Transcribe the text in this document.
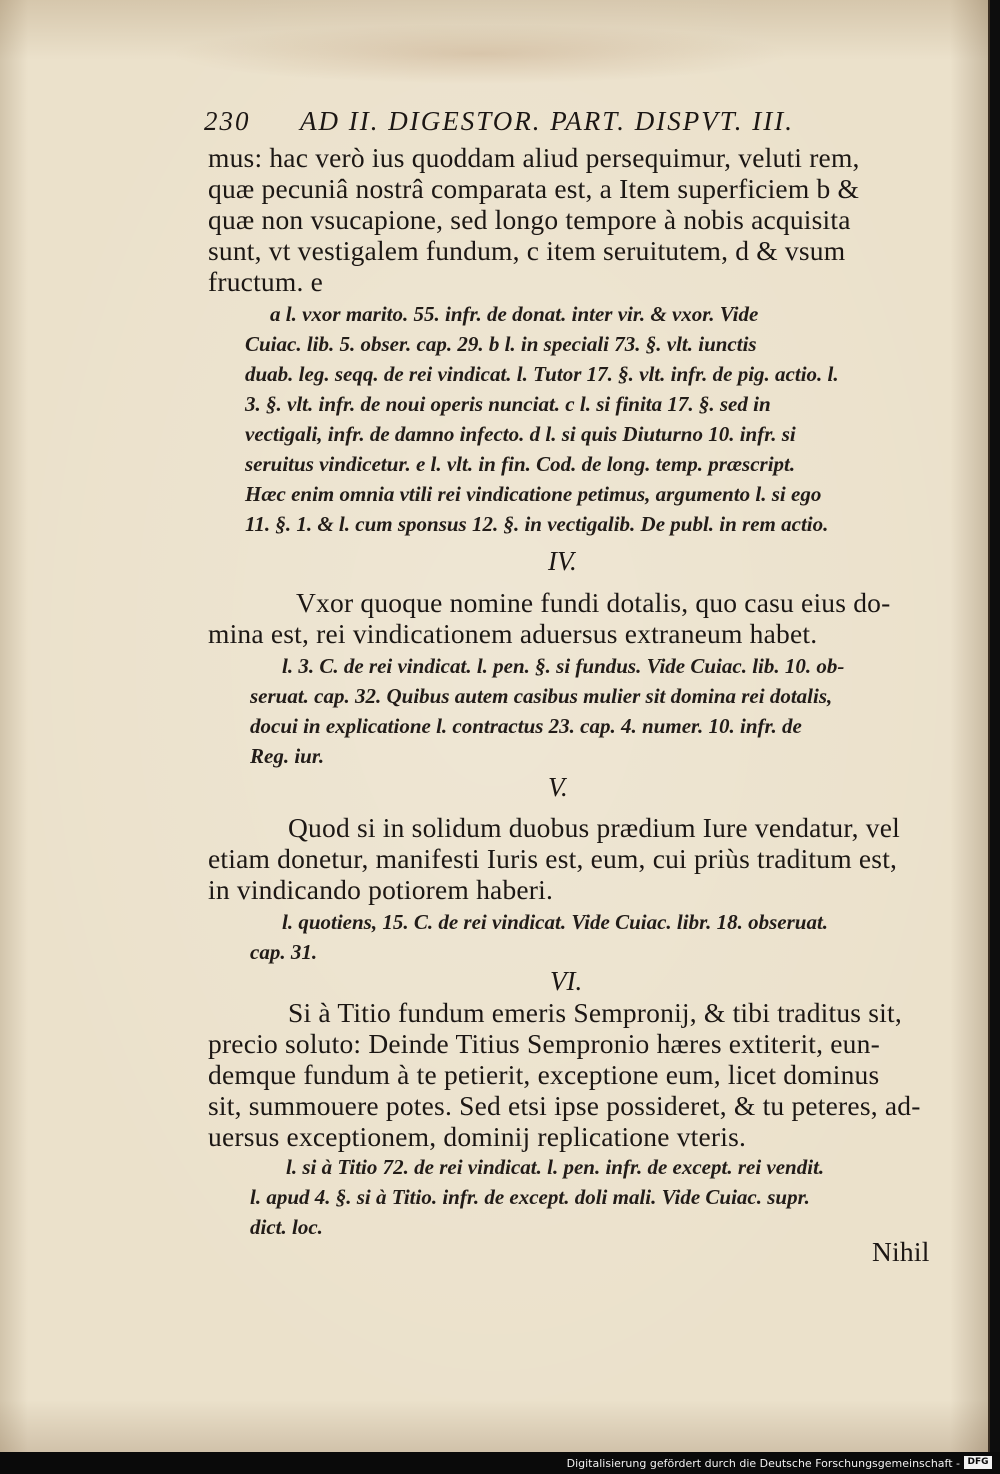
230 AD II. DIGESTOR. PART. DISPVT. III.
mus: hac verò ius quoddam aliud persequimur, veluti rem,
quæ pecuniâ nostrâ comparata est, a Item superficiem b &
quæ non vsucapione, sed longo tempore à nobis acquisita
sunt, vt vestigalem fundum, c item seruitutem, d & vsum
fructum. e
a l. vxor marito. 55. infr. de donat. inter vir. & vxor. Vide
Cuiac. lib. 5. obser. cap. 29. b l. in speciali 73. §. vlt. iunctis
duab. leg. seqq. de rei vindicat. l. Tutor 17. §. vlt. infr. de pig. actio. l.
3. §. vlt. infr. de noui operis nunciat. c l. si finita 17. §. sed in
vectigali, infr. de damno infecto. d l. si quis Diuturno 10. infr. si
seruitus vindicetur. e l. vlt. in fin. Cod. de long. temp. præscript.
Hæc enim omnia vtili rei vindicatione petimus, argumento l. si ego
11. §. 1. & l. cum sponsus 12. §. in vectigalib. De publ. in rem actio.
IV.
Vxor quoque nomine fundi dotalis, quo casu eius do-
mina est, rei vindicationem aduersus extraneum habet.
l. 3. C. de rei vindicat. l. pen. §. si fundus. Vide Cuiac. lib. 10. ob-
seruat. cap. 32. Quibus autem casibus mulier sit domina rei dotalis,
docui in explicatione l. contractus 23. cap. 4. numer. 10. infr. de
Reg. iur.
V.
Quod si in solidum duobus prædium Iure vendatur, vel
etiam donetur, manifesti Iuris est, eum, cui priùs traditum est,
in vindicando potiorem haberi.
l. quotiens, 15. C. de rei vindicat. Vide Cuiac. libr. 18. obseruat.
cap. 31.
VI.
Si à Titio fundum emeris Sempronij, & tibi traditus sit,
precio soluto: Deinde Titius Sempronio hæres extiterit, eun-
demque fundum à te petierit, exceptione eum, licet dominus
sit, summouere potes. Sed etsi ipse possideret, & tu peteres, ad-
uersus exceptionem, dominij replicatione vteris.
l. si à Titio 72. de rei vindicat. l. pen. infr. de except. rei vendit.
l. apud 4. §. si à Titio. infr. de except. doli mali. Vide Cuiac. supr.
dict. loc.
Nihil
Digitalisierung gefördert durch die Deutsche Forschungsgemeinschaft - DFG
